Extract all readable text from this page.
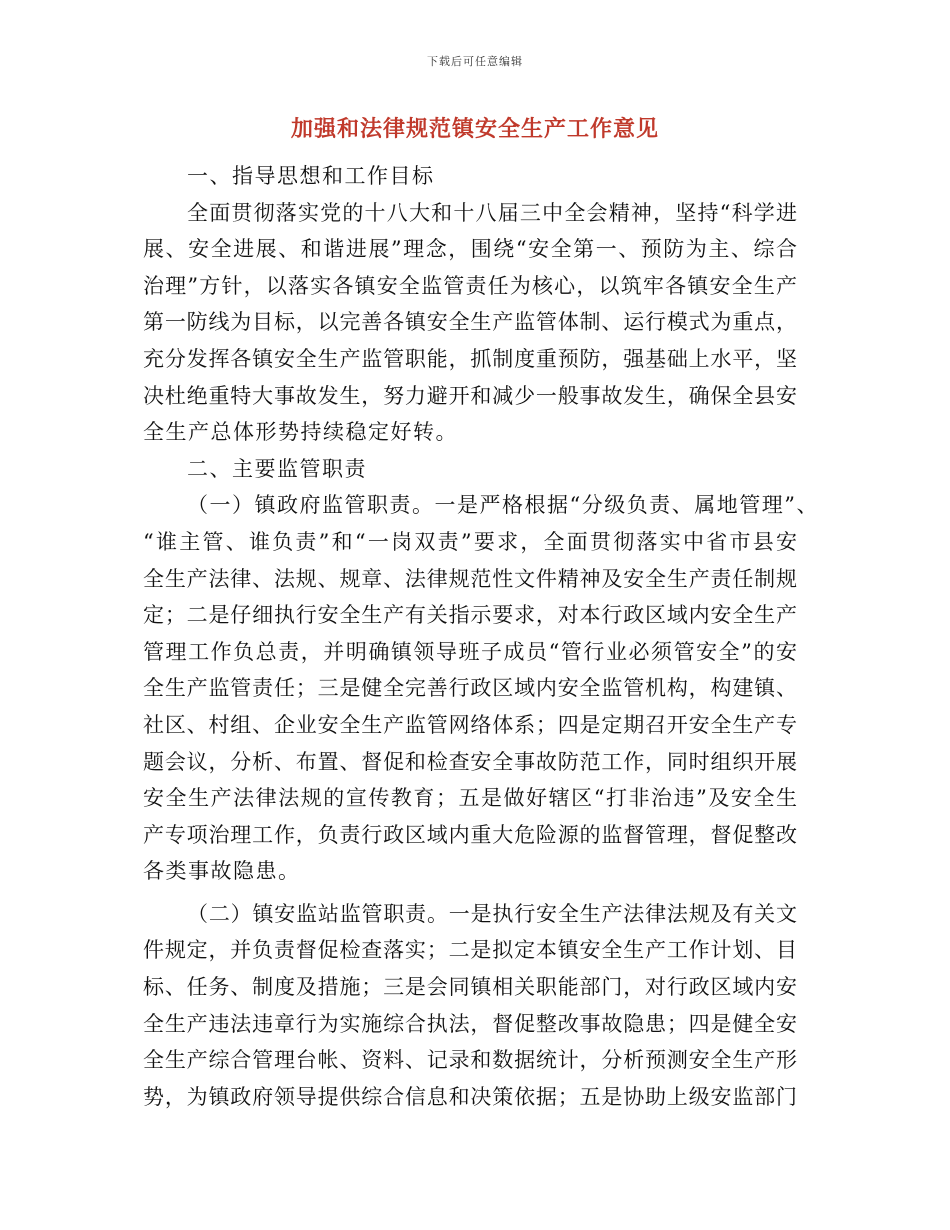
下载后可任意编辑
加强和法律规范镇安全生产工作意见
一、指导思想和工作目标
全面贯彻落实党的十八大和十八届三中全会精神，坚持“科学进
展、安全进展、和谐进展”理念，围绕“安全第一、预防为主、综合
治理”方针，以落实各镇安全监管责任为核心，以筑牢各镇安全生产
第一防线为目标，以完善各镇安全生产监管体制、运行模式为重点，
充分发挥各镇安全生产监管职能，抓制度重预防，强基础上水平，坚
决杜绝重特大事故发生，努力避开和减少一般事故发生，确保全县安
全生产总体形势持续稳定好转。
二、主要监管职责
（一）镇政府监管职责。一是严格根据“分级负责、属地管理”、
“谁主管、谁负责”和“一岗双责”要求，全面贯彻落实中省市县安
全生产法律、法规、规章、法律规范性文件精神及安全生产责任制规
定；二是仔细执行安全生产有关指示要求，对本行政区域内安全生产
管理工作负总责，并明确镇领导班子成员“管行业必须管安全”的安
全生产监管责任；三是健全完善行政区域内安全监管机构，构建镇、
社区、村组、企业安全生产监管网络体系；四是定期召开安全生产专
题会议，分析、布置、督促和检查安全事故防范工作，同时组织开展
安全生产法律法规的宣传教育；五是做好辖区“打非治违”及安全生
产专项治理工作，负责行政区域内重大危险源的监督管理，督促整改
各类事故隐患。
（二）镇安监站监管职责。一是执行安全生产法律法规及有关文
件规定，并负责督促检查落实；二是拟定本镇安全生产工作计划、目
标、任务、制度及措施；三是会同镇相关职能部门，对行政区域内安
全生产违法违章行为实施综合执法，督促整改事故隐患；四是健全安
全生产综合管理台帐、资料、记录和数据统计，分析预测安全生产形
势，为镇政府领导提供综合信息和决策依据；五是协助上级安监部门
